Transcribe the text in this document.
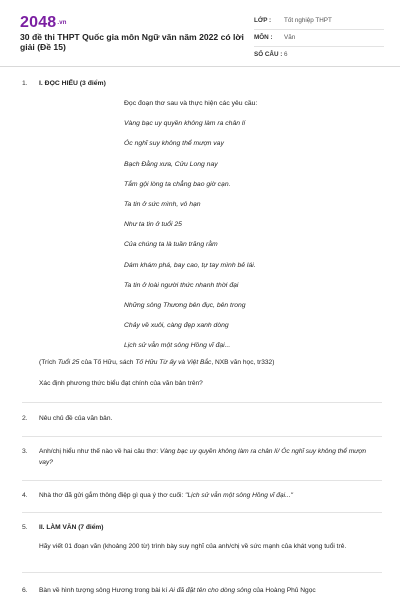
2048.vn
30 đề thi THPT Quốc gia môn Ngữ văn năm 2022 có lời giải (Đề 15)
LỚP : Tốt nghiệp THPT
MÔN : Văn
SỐ CÂU : 6
1. I. ĐỌC HIỂU (3 điểm)
Đọc đoạn thơ sau và thực hiện các yêu cầu:
Vàng bạc uy quyền không làm ra chân lí
Óc nghĩ suy không thể mượn vay
Bạch Đằng xưa, Cửu Long nay
Tắm gội lòng ta chẳng bao giờ cạn.
Ta tin ở sức mình, vô hạn
Như ta tin ở tuổi 25
Của chúng ta là tuần trăng rằm
Dám khám phá, bay cao, tự tay mình bẻ lái.
Ta tin ở loài người thức nhanh thời đại
Những sông Thương bên đục, bên trong
Chảy về xuôi, càng đẹp xanh dòng
Lịch sử vẫn một sông Hồng vĩ đại...
(Trích Tuổi 25 của Tố Hữu, sách Tố Hữu Từ ấy và Việt Bắc, NXB văn học, tr332)
Xác định phương thức biểu đạt chính của văn bản trên?
2. Nêu chủ đề của văn bản.
3. Anh/chị hiểu như thế nào về hai câu thơ: Vàng bạc uy quyền không làm ra chân lí/ Óc nghĩ suy không thể mượn vay?
4. Nhà thơ đã gửi gắm thông điệp gì qua ý thơ cuối: "Lịch sử vẫn một sông Hồng vĩ đại..."
5. II. LÀM VĂN (7 điểm)
Hãy viết 01 đoạn văn (khoảng 200 từ) trình bày suy nghĩ của anh/chị về sức mạnh của khát vọng tuổi trẻ.
6. Bàn về hình tượng sông Hương trong bài kí Ai đã đặt tên cho dòng sông của Hoàng Phủ Ngọc
